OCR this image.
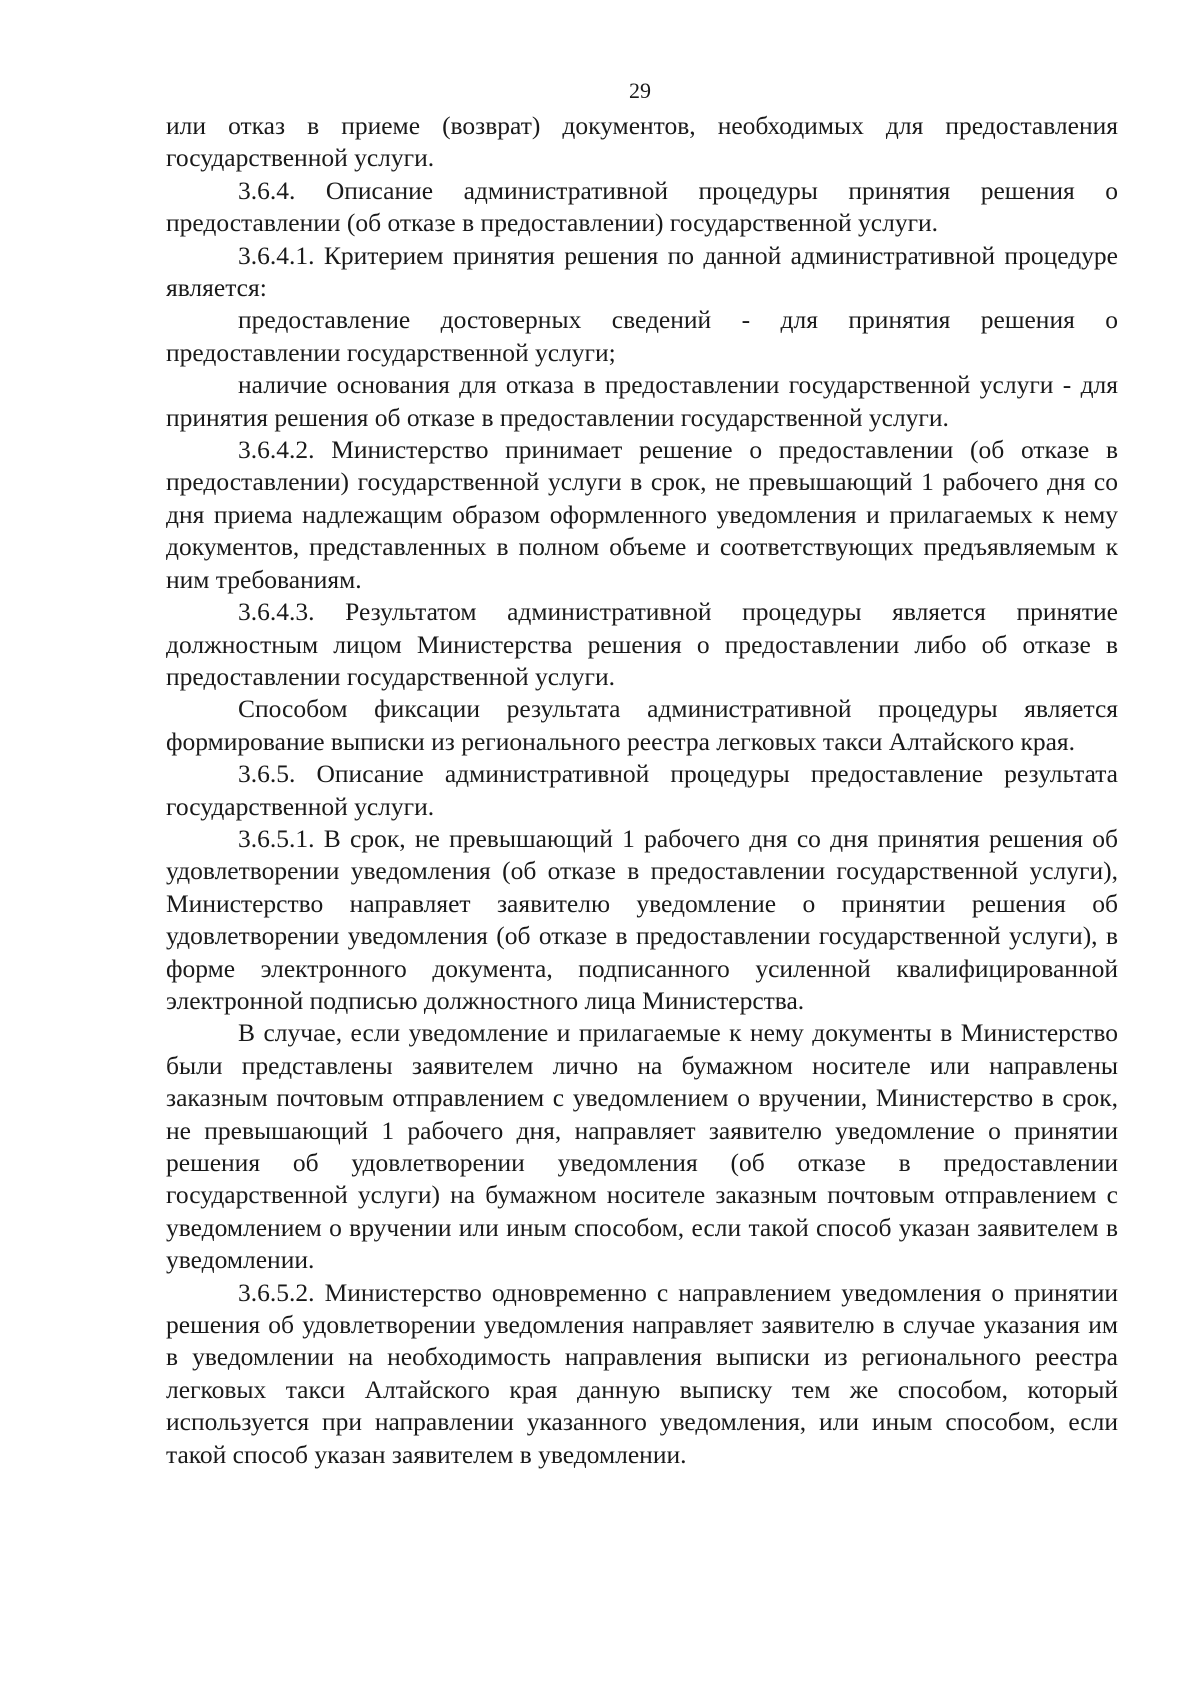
29

или отказ в приеме (возврат) документов, необходимых для предоставления государственной услуги.

3.6.4. Описание административной процедуры принятия решения о предоставлении (об отказе в предоставлении) государственной услуги.

3.6.4.1. Критерием принятия решения по данной административной процедуре является:

предоставление достоверных сведений - для принятия решения о предоставлении государственной услуги;

наличие основания для отказа в предоставлении государственной услуги - для принятия решения об отказе в предоставлении государственной услуги.

3.6.4.2. Министерство принимает решение о предоставлении (об отказе в предоставлении) государственной услуги в срок, не превышающий 1 рабочего дня со дня приема надлежащим образом оформленного уведомления и прилагаемых к нему документов, представленных в полном объеме и соответствующих предъявляемым к ним требованиям.

3.6.4.3. Результатом административной процедуры является принятие должностным лицом Министерства решения о предоставлении либо об отказе в предоставлении государственной услуги.

Способом фиксации результата административной процедуры является формирование выписки из регионального реестра легковых такси Алтайского края.

3.6.5. Описание административной процедуры предоставление результата государственной услуги.

3.6.5.1. В срок, не превышающий 1 рабочего дня со дня принятия решения об удовлетворении уведомления (об отказе в предоставлении государственной услуги), Министерство направляет заявителю уведомление о принятии решения об удовлетворении уведомления (об отказе в предоставлении государственной услуги), в форме электронного документа, подписанного усиленной квалифицированной электронной подписью должностного лица Министерства.

В случае, если уведомление и прилагаемые к нему документы в Министерство были представлены заявителем лично на бумажном носителе или направлены заказным почтовым отправлением с уведомлением о вручении, Министерство в срок, не превышающий 1 рабочего дня, направляет заявителю уведомление о принятии решения об удовлетворении уведомления (об отказе в предоставлении государственной услуги) на бумажном носителе заказным почтовым отправлением с уведомлением о вручении или иным способом, если такой способ указан заявителем в уведомлении.

3.6.5.2. Министерство одновременно с направлением уведомления о принятии решения об удовлетворении уведомления направляет заявителю в случае указания им в уведомлении на необходимость направления выписки из регионального реестра легковых такси Алтайского края данную выписку тем же способом, который используется при направлении указанного уведомления, или иным способом, если такой способ указан заявителем в уведомлении.
